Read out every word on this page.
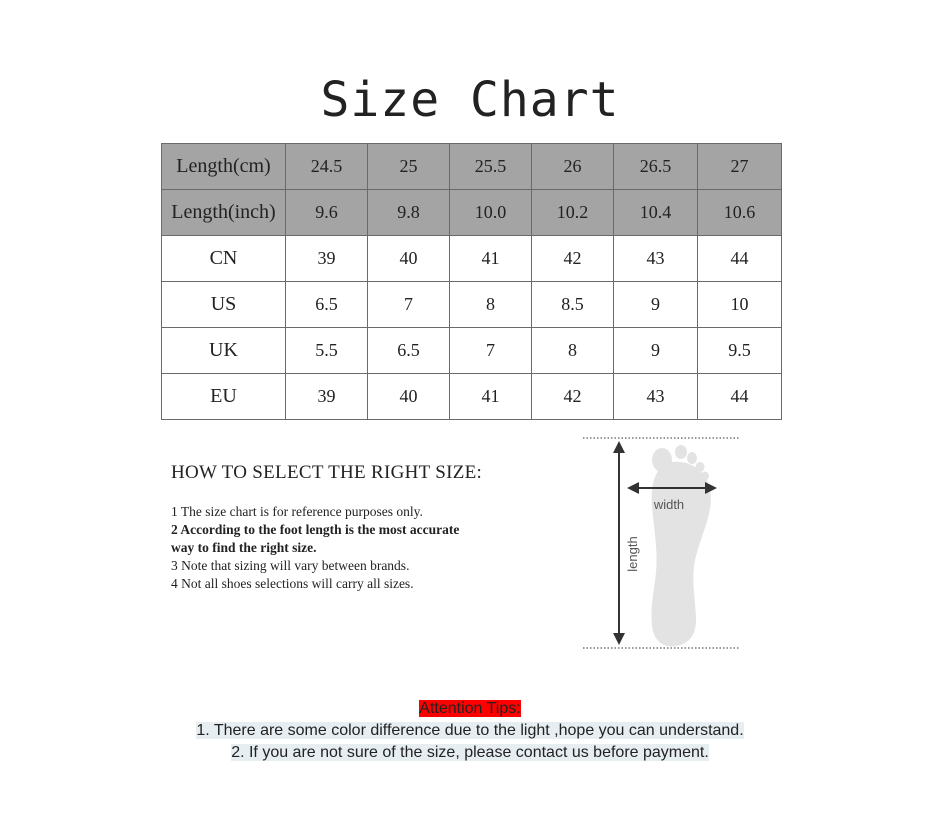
Size Chart
Length(cm)	24.5	25	25.5	26	26.5	27
Length(inch)	9.6	9.8	10.0	10.2	10.4	10.6
CN	39	40	41	42	43	44
US	6.5	7	8	8.5	9	10
UK	5.5	6.5	7	8	9	9.5
EU	39	40	41	42	43	44
HOW TO SELECT THE RIGHT SIZE:
1 The size chart is for reference purposes only.
2 According to the foot length is the most accurate way to find the right size.
3 Note that sizing will vary between brands.
4 Not all shoes selections will carry all sizes.
width
length
Attention Tips:
1. There are some color difference due to the light ,hope you can understand.
2. If you are not sure of the size, please contact us before payment.
